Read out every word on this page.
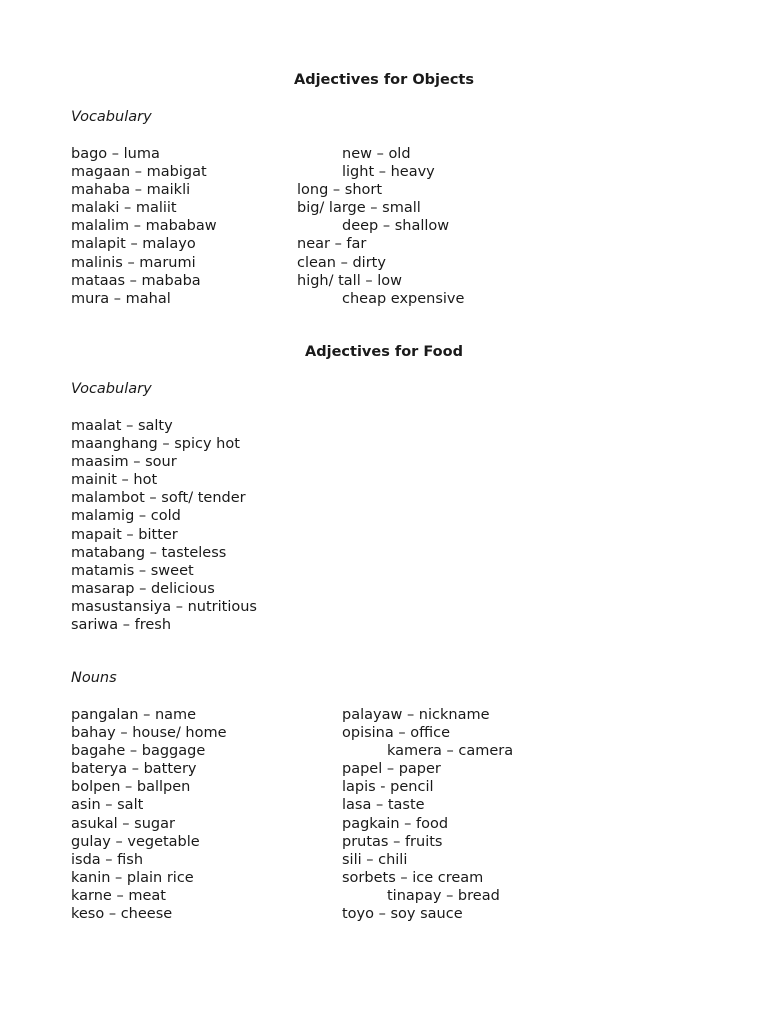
Adjectives for Objects

Vocabulary

bago – luma	new – old
magaan – mabigat	light – heavy
mahaba – maikli	long – short
malaki – maliit	big/ large – small
malalim – mababaw	deep – shallow
malapit – malayo	near – far
malinis – marumi	clean – dirty
mataas – mababa	high/ tall – low
mura – mahal	cheap expensive
Adjectives for Food

Vocabulary

maalat – salty
maanghang – spicy hot
maasim – sour
mainit – hot
malambot – soft/ tender
malamig – cold
mapait – bitter
matabang – tasteless
matamis – sweet
masarap – delicious
masustansiya – nutritious
sariwa – fresh

Nouns

pangalan – name	palayaw – nickname
bahay – house/ home	opisina – office
bagahe – baggage	kamera – camera
baterya – battery	papel – paper
bolpen – ballpen	lapis - pencil
asin – salt	lasa – taste
asukal – sugar	pagkain – food
gulay – vegetable	prutas – fruits
isda – fish	sili – chili
kanin – plain rice	sorbets – ice cream
karne – meat	tinapay – bread
keso – cheese	toyo – soy sauce
